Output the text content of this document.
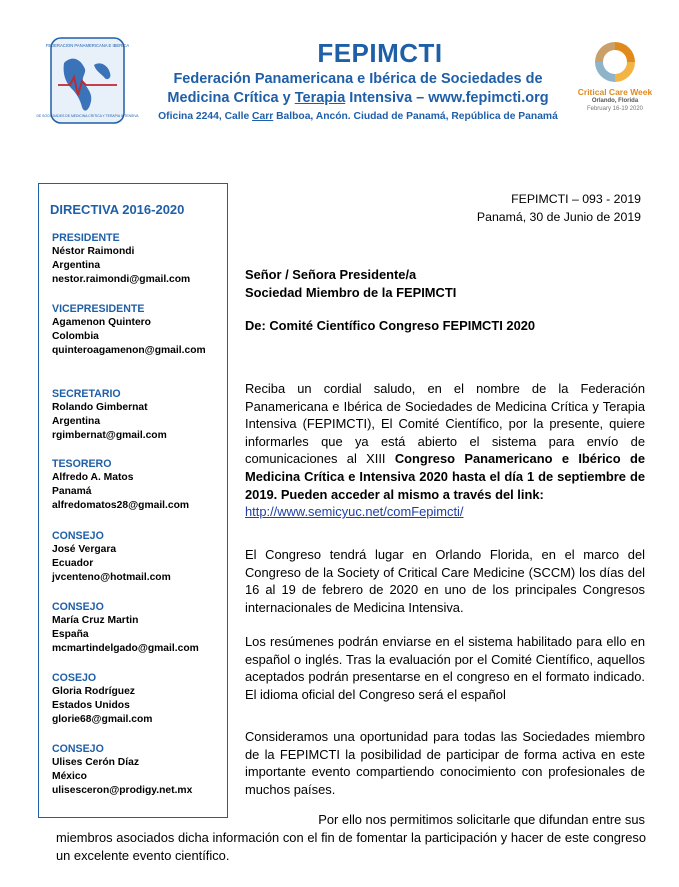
FEDERACION PANAMERICANA E IBERICA
DE SOCIEDADES DE MEDICINA CRITICA Y TERAPIA INTENSIVA
FEPIMCTI
Federación Panamericana e Ibérica de Sociedades de
Medicina Crítica y Terapia Intensiva – www.fepimcti.org
Oficina 2244, Calle Carr Balboa, Ancón. Ciudad de Panamá, República de Panamá
Critical Care Week
Orlando, Florida
February 16-19 2020
DIRECTIVA 2016-2020
PRESIDENTE
Néstor Raimondi
Argentina
nestor.raimondi@gmail.com
VICEPRESIDENTE
Agamenon Quintero
Colombia
quinteroagamenon@gmail.com
SECRETARIO
Rolando Gimbernat
Argentina
rgimbernat@gmail.com
TESORERO
Alfredo A. Matos
Panamá
alfredomatos28@gmail.com
CONSEJO
José Vergara
Ecuador
jvcenteno@hotmail.com
CONSEJO
María Cruz Martin
España
mcmartindelgado@gmail.com
COSEJO
Gloria Rodríguez
Estados Unidos
glorie68@gmail.com
CONSEJO
Ulises Cerón Díaz
México
ulisesceron@prodigy.net.mx
FEPIMCTI – 093 - 2019
Panamá, 30 de Junio de 2019
Señor / Señora Presidente/a
Sociedad Miembro de la FEPIMCTI
De: Comité Científico Congreso FEPIMCTI 2020
Reciba un cordial saludo, en el nombre de la Federación Panamericana e Ibérica de Sociedades de Medicina Crítica y Terapia Intensiva (FEPIMCTI), El Comité Científico, por la presente, quiere informarles que ya está abierto el sistema para envío de comunicaciones al XIII Congreso Panamericano e Ibérico de Medicina Crítica e Intensiva 2020 hasta el día 1 de septiembre de 2019. Pueden acceder al mismo a través del link:
http://www.semicyuc.net/comFepimcti/
El Congreso tendrá lugar en Orlando Florida, en el marco del Congreso de la Society of Critical Care Medicine (SCCM) los días del 16 al 19 de febrero de 2020 en uno de los principales Congresos internacionales de Medicina Intensiva.
Los resúmenes podrán enviarse en el sistema habilitado para ello en español o inglés. Tras la evaluación por el Comité Científico, aquellos aceptados podrán presentarse en el congreso en el formato indicado. El idioma oficial del Congreso será el español
Consideramos una oportunidad para todas las Sociedades miembro de la FEPIMCTI la posibilidad de participar de forma activa en este importante evento compartiendo conocimiento con profesionales de muchos países.
Por ello nos permitimos solicitarle que difundan entre sus
miembros asociados dicha información con el fin de fomentar la participación y hacer de este congreso un excelente evento científico.
